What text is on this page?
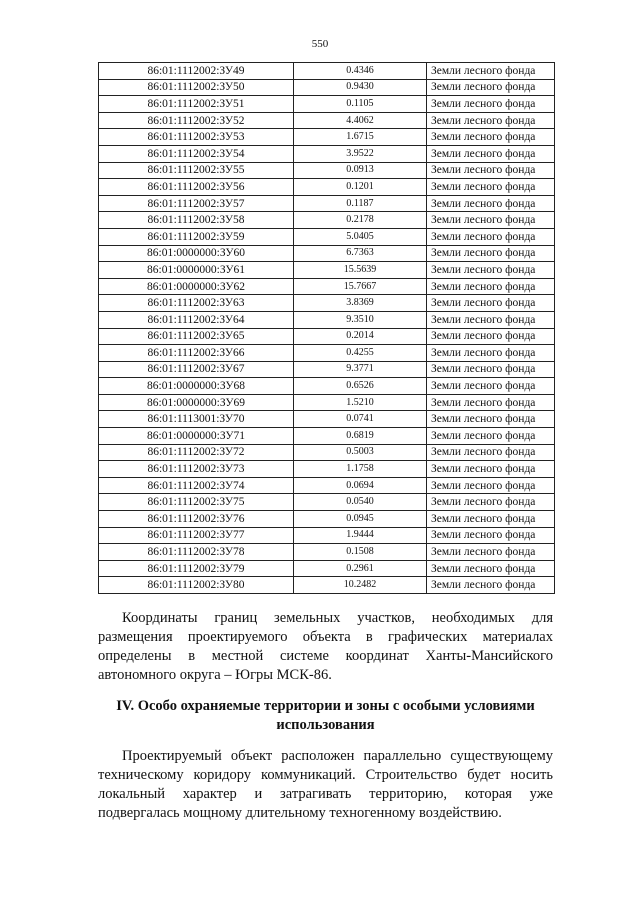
550
86:01:1112002:ЗУ49	0.4346	Земли лесного фонда
86:01:1112002:ЗУ50	0.9430	Земли лесного фонда
86:01:1112002:ЗУ51	0.1105	Земли лесного фонда
86:01:1112002:ЗУ52	4.4062	Земли лесного фонда
86:01:1112002:ЗУ53	1.6715	Земли лесного фонда
86:01:1112002:ЗУ54	3.9522	Земли лесного фонда
86:01:1112002:ЗУ55	0.0913	Земли лесного фонда
86:01:1112002:ЗУ56	0.1201	Земли лесного фонда
86:01:1112002:ЗУ57	0.1187	Земли лесного фонда
86:01:1112002:ЗУ58	0.2178	Земли лесного фонда
86:01:1112002:ЗУ59	5.0405	Земли лесного фонда
86:01:0000000:ЗУ60	6.7363	Земли лесного фонда
86:01:0000000:ЗУ61	15.5639	Земли лесного фонда
86:01:0000000:ЗУ62	15.7667	Земли лесного фонда
86:01:1112002:ЗУ63	3.8369	Земли лесного фонда
86:01:1112002:ЗУ64	9.3510	Земли лесного фонда
86:01:1112002:ЗУ65	0.2014	Земли лесного фонда
86:01:1112002:ЗУ66	0.4255	Земли лесного фонда
86:01:1112002:ЗУ67	9.3771	Земли лесного фонда
86:01:0000000:ЗУ68	0.6526	Земли лесного фонда
86:01:0000000:ЗУ69	1.5210	Земли лесного фонда
86:01:1113001:ЗУ70	0.0741	Земли лесного фонда
86:01:0000000:ЗУ71	0.6819	Земли лесного фонда
86:01:1112002:ЗУ72	0.5003	Земли лесного фонда
86:01:1112002:ЗУ73	1.1758	Земли лесного фонда
86:01:1112002:ЗУ74	0.0694	Земли лесного фонда
86:01:1112002:ЗУ75	0.0540	Земли лесного фонда
86:01:1112002:ЗУ76	0.0945	Земли лесного фонда
86:01:1112002:ЗУ77	1.9444	Земли лесного фонда
86:01:1112002:ЗУ78	0.1508	Земли лесного фонда
86:01:1112002:ЗУ79	0.2961	Земли лесного фонда
86:01:1112002:ЗУ80	10.2482	Земли лесного фонда
Координаты границ земельных участков, необходимых для размещения проектируемого объекта в графических материалах определены в местной системе координат Ханты-Мансийского автономного округа – Югры МСК-86.
IV. Особо охраняемые территории и зоны с особыми условиями использования
Проектируемый объект расположен параллельно существующему техническому коридору коммуникаций. Строительство будет носить локальный характер и затрагивать территорию, которая уже подвергалась мощному длительному техногенному воздействию.
